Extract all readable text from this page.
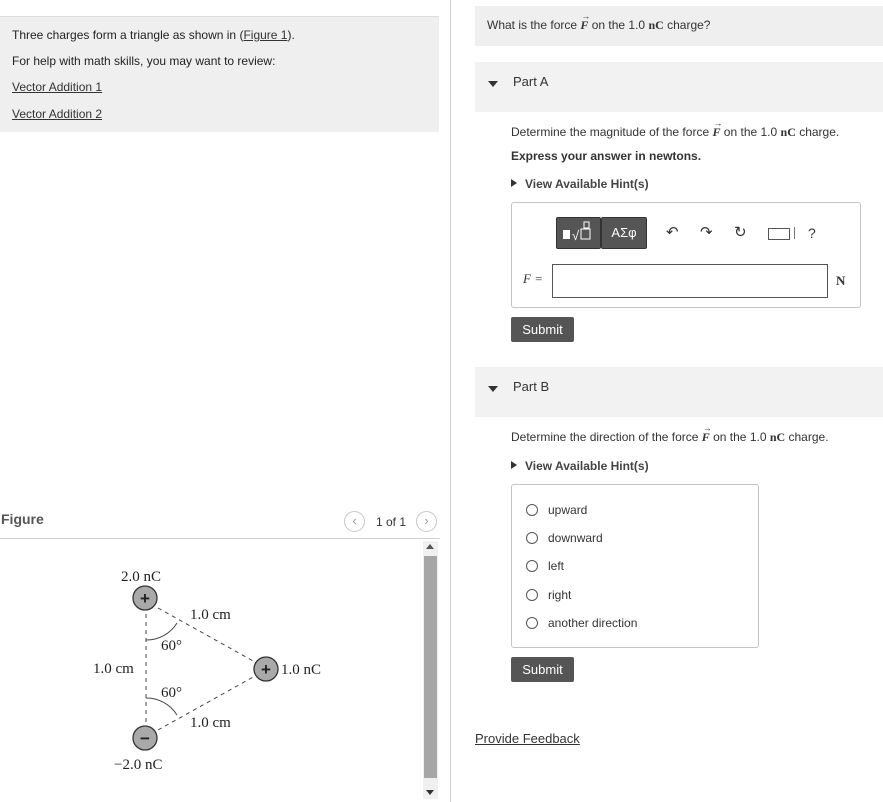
Three charges form a triangle as shown in (Figure 1).

For help with math skills, you may want to review:

Vector Addition 1
Vector Addition 2
Figure	‹	1 of 1	›
+
+
−
2.0 nC
1.0 cm
60°
1.0 cm	1.0 nC
60°
1.0 cm
−2.0 nC
What is the force F
→
on the 1.0 nC charge?
Part A
Determine the magnitude of the force F
→
on the 1.0 nC charge.
Express your answer in newtons.
View Available Hint(s)
√	ΑΣφ	↶ ↷ ↻	?
F =	N
Submit
Part B
Determine the direction of the force F
→
on the 1.0 nC charge.
View Available Hint(s)
upward
downward
left
right
another direction
Submit
Provide Feedback
